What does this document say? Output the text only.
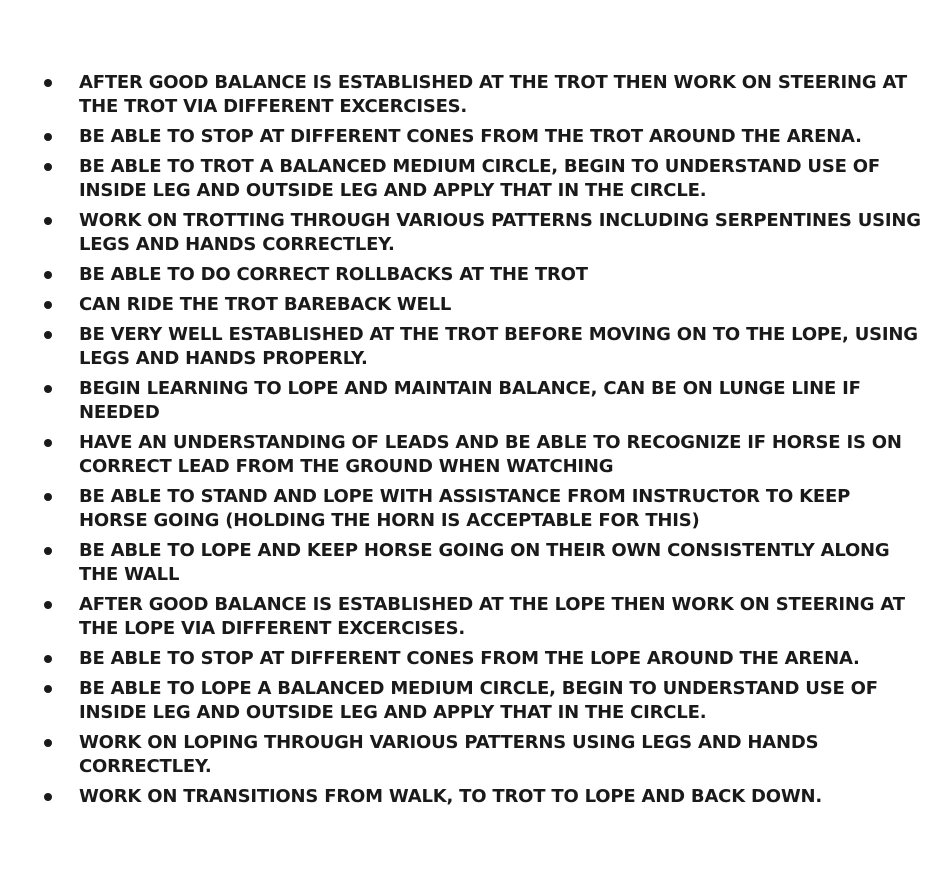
AFTER GOOD BALANCE IS ESTABLISHED AT THE TROT THEN WORK ON STEERING AT THE TROT VIA DIFFERENT EXCERCISES.
BE ABLE TO STOP AT DIFFERENT CONES FROM THE TROT AROUND THE ARENA.
BE ABLE TO TROT A BALANCED MEDIUM CIRCLE, BEGIN TO UNDERSTAND USE OF INSIDE LEG AND OUTSIDE LEG AND APPLY THAT IN THE CIRCLE.
WORK ON TROTTING THROUGH VARIOUS PATTERNS INCLUDING SERPENTINES USING LEGS AND HANDS CORRECTLEY.
BE ABLE TO DO CORRECT ROLLBACKS AT THE TROT
CAN RIDE THE TROT BAREBACK WELL
BE VERY WELL ESTABLISHED AT THE TROT BEFORE MOVING ON TO THE LOPE, USING LEGS AND HANDS PROPERLY.
BEGIN LEARNING TO LOPE AND MAINTAIN BALANCE, CAN BE ON LUNGE LINE IF NEEDED
HAVE AN UNDERSTANDING OF LEADS AND BE ABLE TO RECOGNIZE IF HORSE IS ON CORRECT LEAD FROM THE GROUND WHEN WATCHING
BE ABLE TO STAND AND LOPE WITH ASSISTANCE FROM INSTRUCTOR TO KEEP HORSE GOING (HOLDING THE HORN IS ACCEPTABLE FOR THIS)
BE ABLE TO LOPE AND KEEP HORSE GOING ON THEIR OWN CONSISTENTLY ALONG THE WALL
AFTER GOOD BALANCE IS ESTABLISHED AT THE LOPE THEN WORK ON STEERING AT THE LOPE VIA DIFFERENT EXCERCISES.
BE ABLE TO STOP AT DIFFERENT CONES FROM THE LOPE AROUND THE ARENA.
BE ABLE TO LOPE A BALANCED MEDIUM CIRCLE, BEGIN TO UNDERSTAND USE OF INSIDE LEG AND OUTSIDE LEG AND APPLY THAT IN THE CIRCLE.
WORK ON LOPING THROUGH VARIOUS PATTERNS USING LEGS AND HANDS CORRECTLEY.
WORK ON TRANSITIONS FROM WALK, TO TROT TO LOPE AND BACK DOWN.
